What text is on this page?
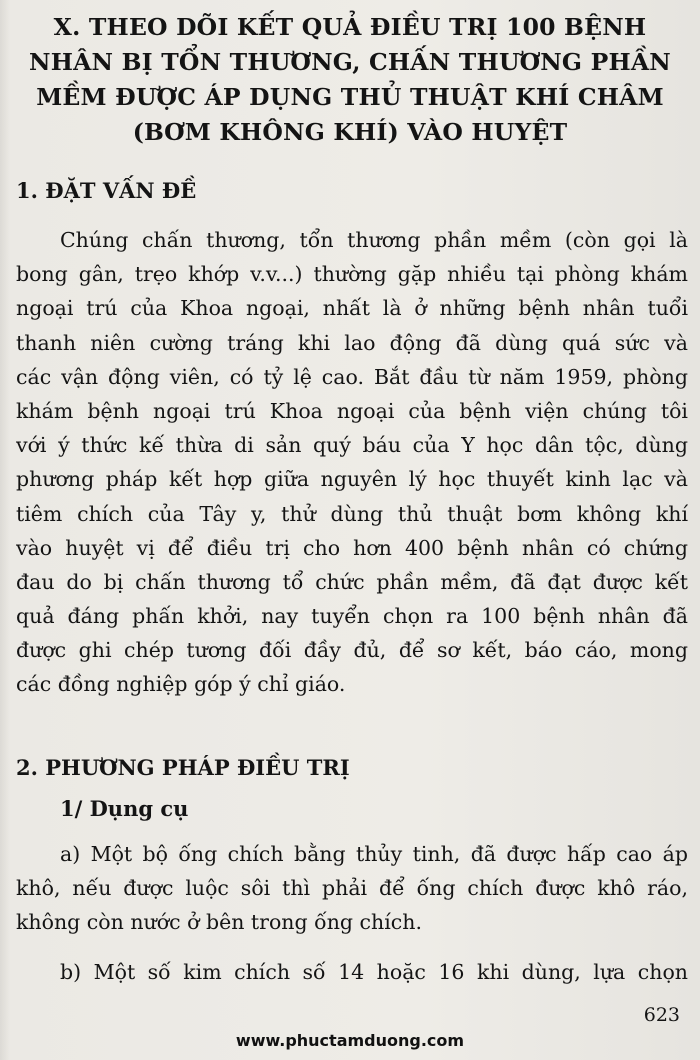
X. THEO DÕI KẾT QUẢ ĐIỀU TRỊ 100 BỆNH
NHÂN BỊ TỔN THƯƠNG, CHẤN THƯƠNG PHẦN
MỀM ĐƯỢC ÁP DỤNG THỦ THUẬT KHÍ CHÂM
(BƠM KHÔNG KHÍ) VÀO HUYỆT
1. ĐẶT VẤN ĐỀ
Chúng chấn thương, tổn thương phần mềm (còn gọi là
bong gân, trẹo khớp v.v...) thường gặp nhiều tại phòng khám
ngoại trú của Khoa ngoại, nhất là ở những bệnh nhân tuổi
thanh niên cường tráng khi lao động đã dùng quá sức và
các vận động viên, có tỷ lệ cao. Bắt đầu từ năm 1959, phòng
khám bệnh ngoại trú Khoa ngoại của bệnh viện chúng tôi
với ý thức kế thừa di sản quý báu của Y học dân tộc, dùng
phương pháp kết hợp giữa nguyên lý học thuyết kinh lạc và
tiêm chích của Tây y, thử dùng thủ thuật bơm không khí
vào huyệt vị để điều trị cho hơn 400 bệnh nhân có chứng
đau do bị chấn thương tổ chức phần mềm, đã đạt được kết
quả đáng phấn khởi, nay tuyển chọn ra 100 bệnh nhân đã
được ghi chép tương đối đầy đủ, để sơ kết, báo cáo, mong
các đồng nghiệp góp ý chỉ giáo.
2. PHƯƠNG PHÁP ĐIỀU TRỊ
1/ Dụng cụ
a) Một bộ ống chích bằng thủy tinh, đã được hấp cao áp
khô, nếu được luộc sôi thì phải để ống chích được khô ráo,
không còn nước ở bên trong ống chích.
b) Một số kim chích số 14 hoặc 16 khi dùng, lựa chọn
623
www.phuctamduong.com
